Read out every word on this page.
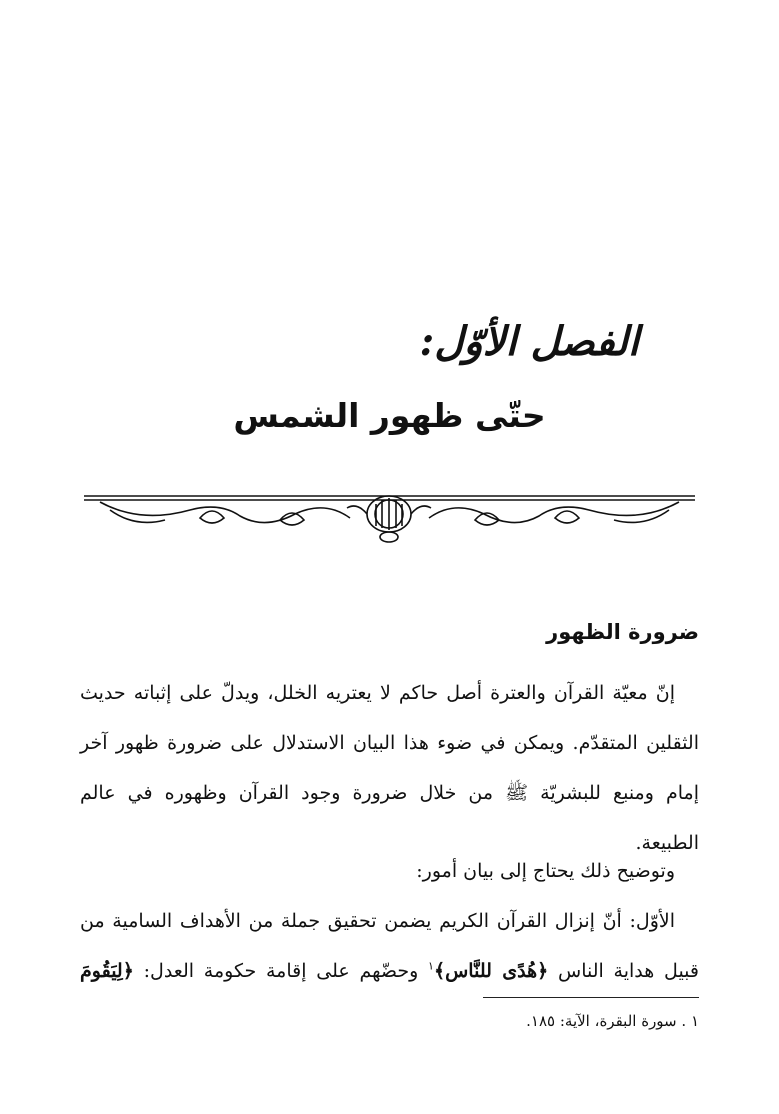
الفصل الأوّل:
حتّى ظهور الشمس
ضرورة الظهور
إنّ معيّة القرآن والعترة أصل حاكم لا يعتريه الخلل، ويدلّ على إثباته حديث الثقلين المتقدّم. ويمكن في ضوء هذا البيان الاستدلال على ضرورة ظهور آخر إمام ومنبع للبشريّة ﷺ من خلال ضرورة وجود القرآن وظهوره في عالم الطبيعة.
وتوضيح ذلك يحتاج إلى بيان أمور:
الأوّل: أنّ إنزال القرآن الكريم يضمن تحقيق جملة من الأهداف السامية من قبيل هداية الناس ﴿هُدًى للنَّاس﴾$^١$ وحضّهم على إقامة حكومة العدل: ﴿لِيَقُومَ
١ . سورة البقرة، الآية: ١٨٥.
